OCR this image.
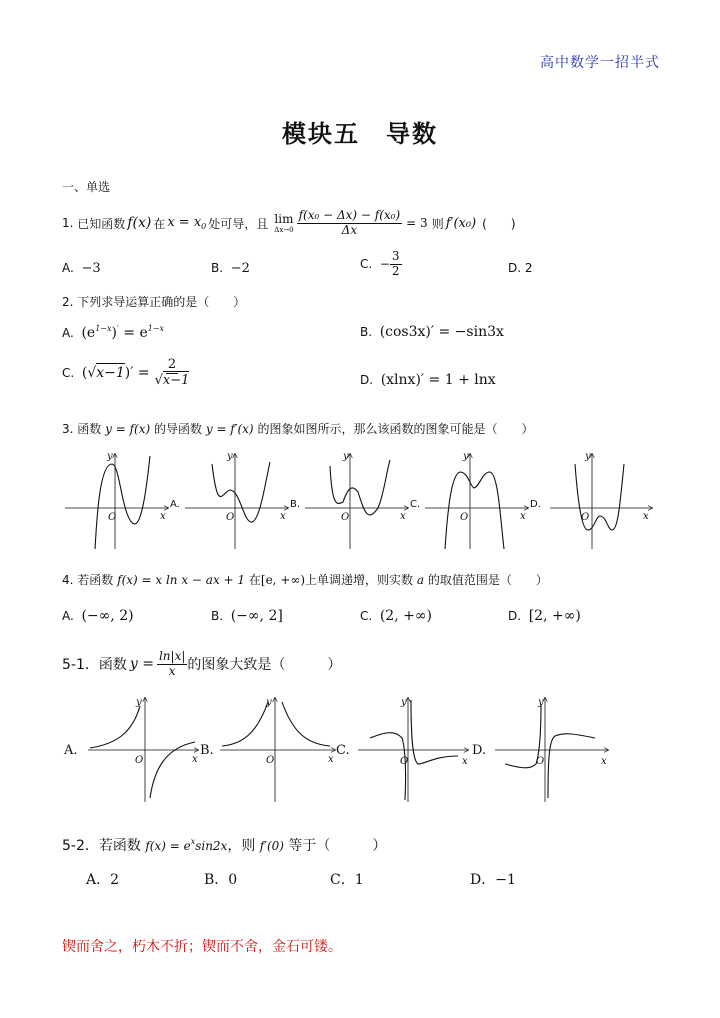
高中数学一招半式
模块五　导数
一、单选
1.
已知函数 f(x) 在 $x = x_0$ 处可导，且 lim
$\Delta x\to 0 \frac{\text{f(x₀ − Δx) − f(x₀)}}{\Delta x} = 3$ 则 f′(x₀) (　　)
A. −3	B. −2	C.
− $\frac{3}{2}$	D. 2
2. 下列求导运算正确的是（　　）
A. $(e^{1-x})' = e^{1-x}$	B. (cos3x)′ = −sin3x
C.
$(√x-1)' = \frac{2}{√x-1}$	D. (xlnx)′ = 1 + lnx
3. 函数 y = f(x) 的导函数 y = f′(x) 的图象如图所示，那么该函数的图象可能是（　　）
y
O	x
A.
y
O	x
B.
y
O	x
C.
y
O	x
D.
y
O	x
4. 若函数 f(x) = x ln x − ax + 1 在[e, +∞)上单调递增，则实数 a 的取值范围是（　　）
A. (−∞, 2)	B. (−∞, 2]	C. (2, +∞)	D. [2, +∞)
5-1．函数 $y = \frac{\ln|x|}{x}$ 的图象大致是（　　　）
y
O	x
A.
y
O	x
B.
y
O	x
C.
y
O	x
D.
5-2．若函数 $f(x) = e^x\sin 2x$，则 f′(0) 等于（　　　）
A．2	B．0	C．1	D．−1
锲而舍之，朽木不折；锲而不舍，金石可镂。
